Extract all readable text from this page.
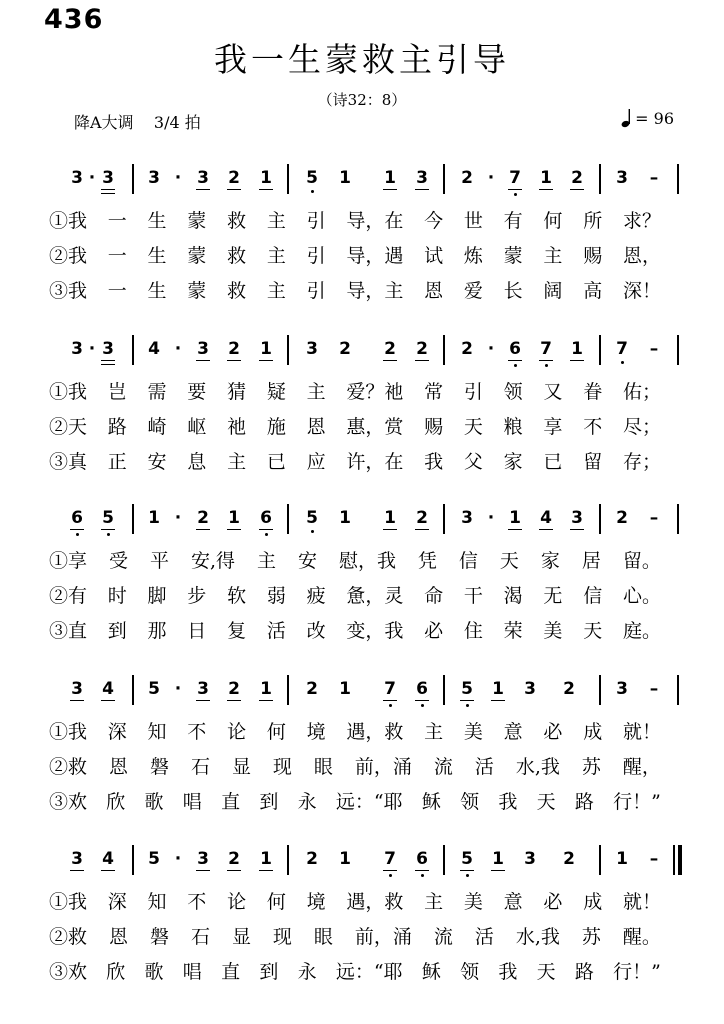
436
我一生蒙救主引导
（诗32：8）
降A大调    3/4 拍	= 96
3 · 3	3 · 3	2	1	5	1	1	3	2 · 7	1	2	3	–
①我 一 生 蒙 救 主 引 导，在 今 世 有 何 所 求？
②我 一 生 蒙 救 主 引 导，遇 试 炼 蒙 主 赐 恩，
③我 一 生 蒙 救 主 引 导，主 恩 爱 长 阔 高 深！
3 · 3	4 · 3	2	1	3	2	2	2	2 · 6	7	1	7	–
①我 岂 需 要 猜 疑 主 爱？祂 常 引 领 又 眷 佑；
②天 路 崎 岖 祂 施 恩 惠，赏 赐 天 粮 享 不 尽；
③真 正 安 息 主 已 应 许，在 我 父 家 已 留 存；
6	5	1 · 2	1	6	5	1	1	2	3 · 1	4	3	2	–
①享 受 平 安,得 主 安 慰，我 凭 信 天 家 居 留。
②有 时 脚 步 软 弱 疲 惫，灵 命 干 渴 无 信 心。
③直 到 那 日 复 活 改 变，我 必 住 荣 美 天 庭。
3	4	5 · 3	2	1	2	1	7	6	5	1	3	2	3	–
①我 深 知 不 论 何 境 遇，救 主 美 意 必 成 就！
②救 恩 磐 石 显 现 眼 前，涌 流 活 水,我 苏 醒，
③欢 欣 歌 唱 直 到 永 远：“耶 稣 领 我 天 路 行！”
3	4	5 · 3	2	1	2	1	7	6	5	1	3	2	1	–
①我 深 知 不 论 何 境 遇，救 主 美 意 必 成 就！
②救 恩 磐 石 显 现 眼 前，涌 流 活 水,我 苏 醒。
③欢 欣 歌 唱 直 到 永 远：“耶 稣 领 我 天 路 行！”
